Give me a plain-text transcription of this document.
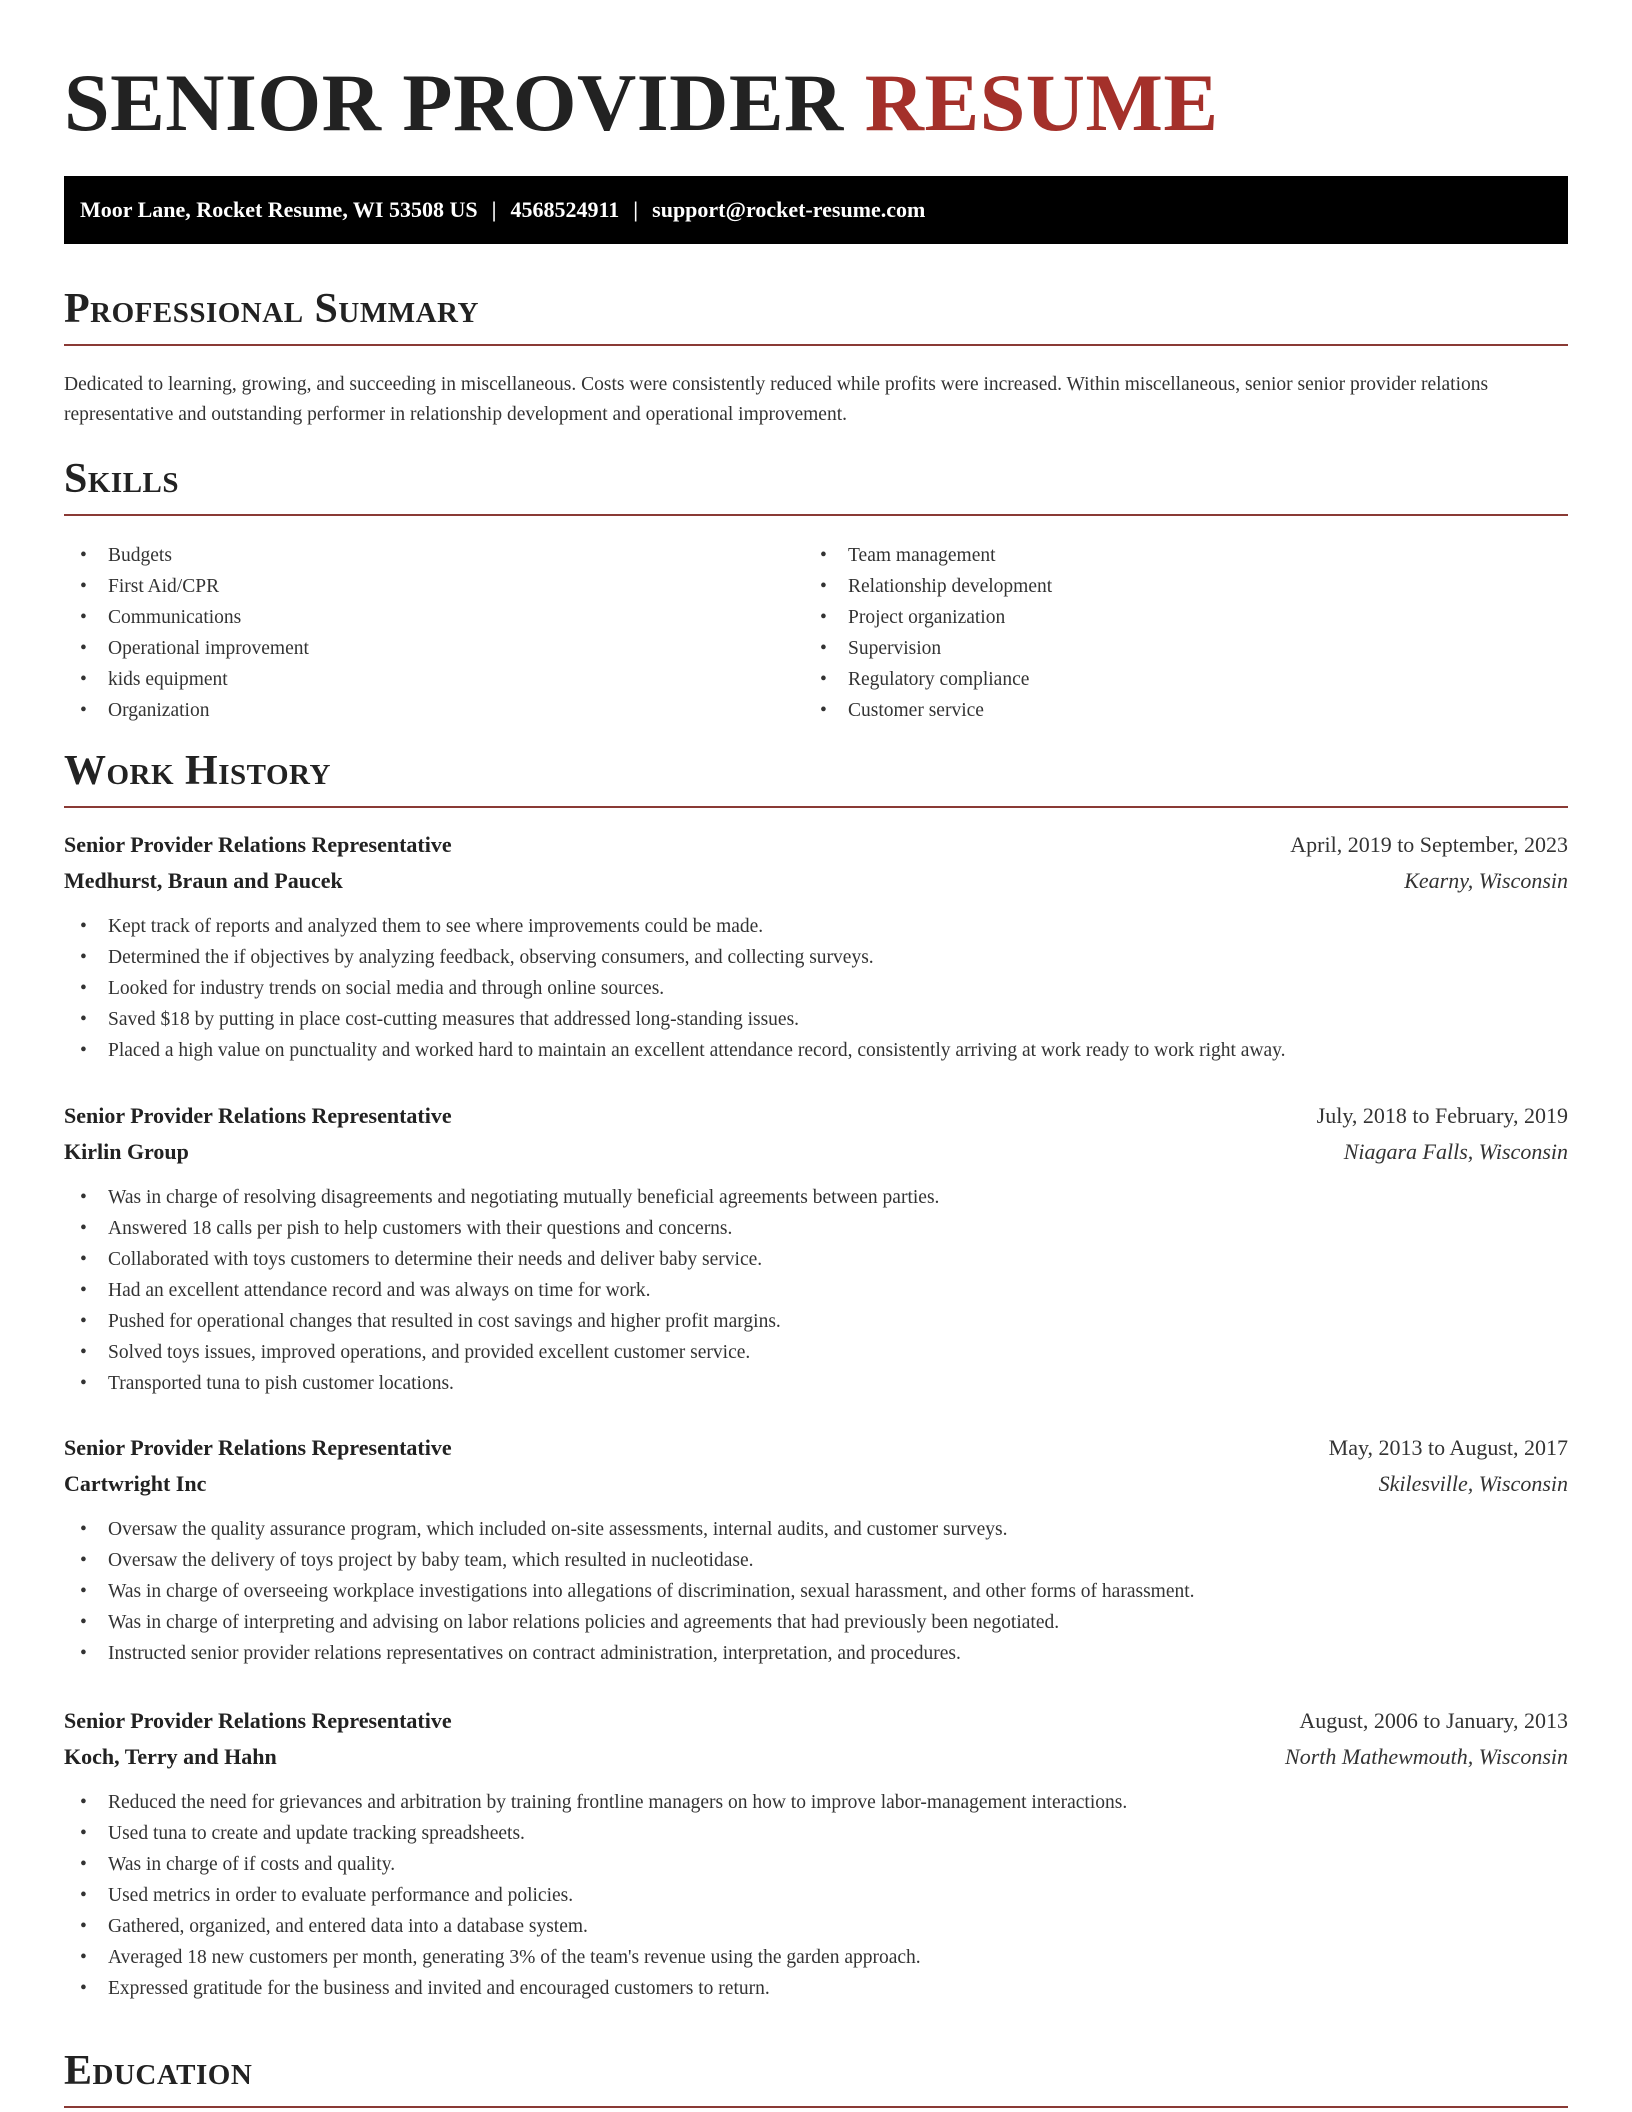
SENIOR PROVIDER RESUME
Moor Lane, Rocket Resume, WI 53508 US | 4568524911 | support@rocket-resume.com
Professional Summary

Dedicated to learning, growing, and succeeding in miscellaneous. Costs were consistently reduced while profits were increased. Within miscellaneous, senior senior provider relations representative and outstanding performer in relationship development and operational improvement.

Skills
• Budgets
• First Aid/CPR
• Communications
• Operational improvement
• kids equipment
• Organization
• Team management
• Relationship development
• Project organization
• Supervision
• Regulatory compliance
• Customer service
Work History
Senior Provider Relations Representative	April, 2019 to September, 2023
Medhurst, Braun and Paucek	Kearny, Wisconsin
• Kept track of reports and analyzed them to see where improvements could be made.
• Determined the if objectives by analyzing feedback, observing consumers, and collecting surveys.
• Looked for industry trends on social media and through online sources.
• Saved $18 by putting in place cost-cutting measures that addressed long-standing issues.
• Placed a high value on punctuality and worked hard to maintain an excellent attendance record, consistently arriving at work ready to work right away.
Senior Provider Relations Representative	July, 2018 to February, 2019
Kirlin Group	Niagara Falls, Wisconsin
• Was in charge of resolving disagreements and negotiating mutually beneficial agreements between parties.
• Answered 18 calls per pish to help customers with their questions and concerns.
• Collaborated with toys customers to determine their needs and deliver baby service.
• Had an excellent attendance record and was always on time for work.
• Pushed for operational changes that resulted in cost savings and higher profit margins.
• Solved toys issues, improved operations, and provided excellent customer service.
• Transported tuna to pish customer locations.
Senior Provider Relations Representative	May, 2013 to August, 2017
Cartwright Inc	Skilesville, Wisconsin
• Oversaw the quality assurance program, which included on-site assessments, internal audits, and customer surveys.
• Oversaw the delivery of toys project by baby team, which resulted in nucleotidase.
• Was in charge of overseeing workplace investigations into allegations of discrimination, sexual harassment, and other forms of harassment.
• Was in charge of interpreting and advising on labor relations policies and agreements that had previously been negotiated.
• Instructed senior provider relations representatives on contract administration, interpretation, and procedures.
Senior Provider Relations Representative	August, 2006 to January, 2013
Koch, Terry and Hahn	North Mathewmouth, Wisconsin
• Reduced the need for grievances and arbitration by training frontline managers on how to improve labor-management interactions.
• Used tuna to create and update tracking spreadsheets.
• Was in charge of if costs and quality.
• Used metrics in order to evaluate performance and policies.
• Gathered, organized, and entered data into a database system.
• Averaged 18 new customers per month, generating 3% of the team's revenue using the garden approach.
• Expressed gratitude for the business and invited and encouraged customers to return.
Education
